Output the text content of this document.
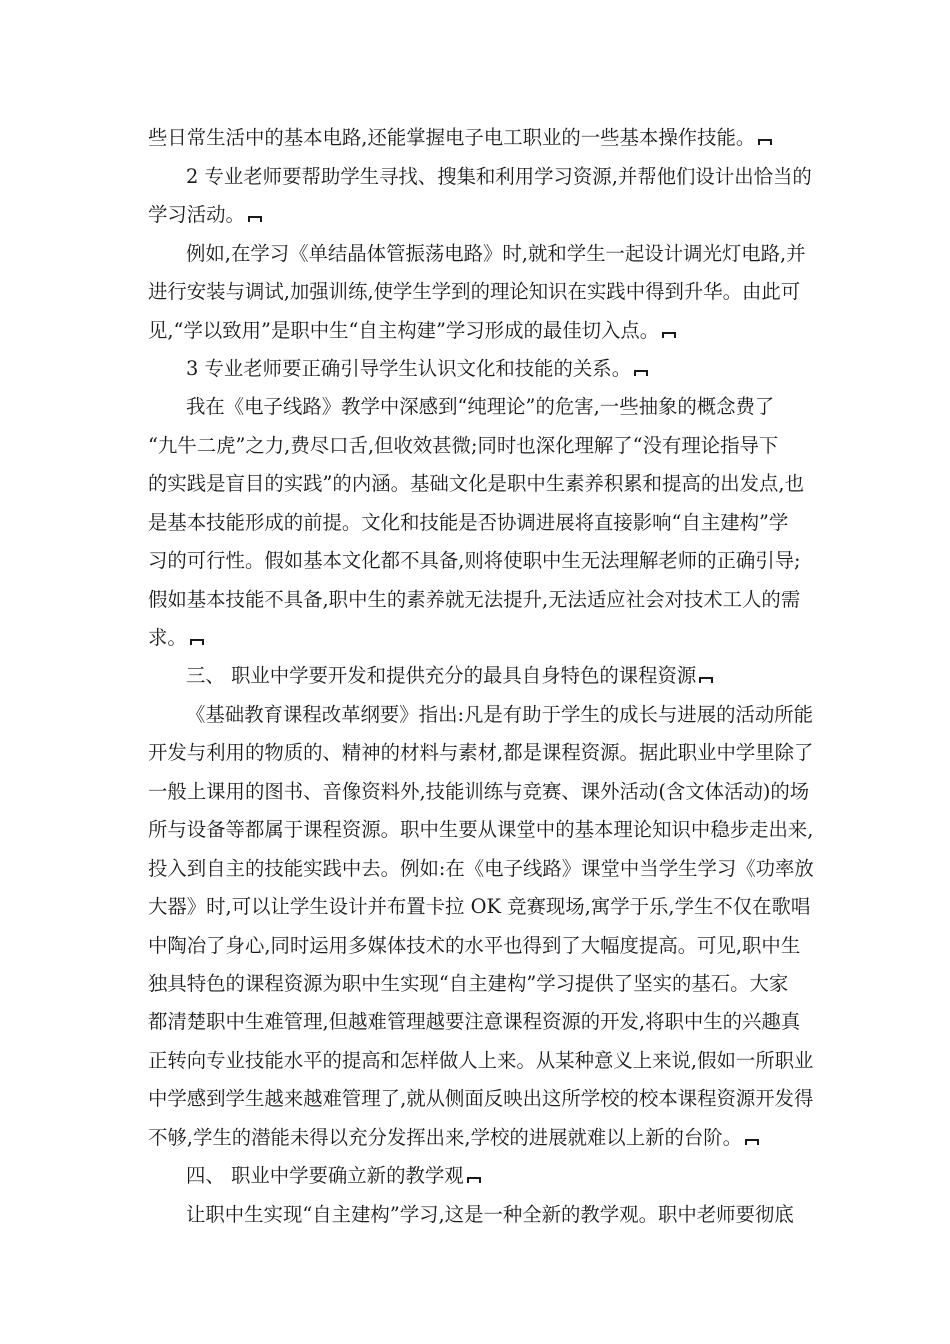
些日常生活中的基本电路,还能掌握电子电工职业的一些基本操作技能。
2 专业老师要帮助学生寻找、搜集和利用学习资源,并帮他们设计出恰当的
学习活动。
例如,在学习《单结晶体管振荡电路》时,就和学生一起设计调光灯电路,并
进行安装与调试,加强训练,使学生学到的理论知识在实践中得到升华。由此可
见,“学以致用”是职中生“自主构建”学习形成的最佳切入点。
3 专业老师要正确引导学生认识文化和技能的关系。
我在《电子线路》教学中深感到“纯理论”的危害,一些抽象的概念费了
“九牛二虎”之力,费尽口舌,但收效甚微;同时也深化理解了“没有理论指导下
的实践是盲目的实践”的内涵。基础文化是职中生素养积累和提高的出发点,也
是基本技能形成的前提。文化和技能是否协调进展将直接影响“自主建构”学
习的可行性。假如基本文化都不具备,则将使职中生无法理解老师的正确引导;
假如基本技能不具备,职中生的素养就无法提升,无法适应社会对技术工人的需
求。
三、 职业中学要开发和提供充分的最具自身特色的课程资源
《基础教育课程改革纲要》指出:凡是有助于学生的成长与进展的活动所能
开发与利用的物质的、精神的材料与素材,都是课程资源。据此职业中学里除了
一般上课用的图书、音像资料外,技能训练与竞赛、课外活动(含文体活动)的场
所与设备等都属于课程资源。职中生要从课堂中的基本理论知识中稳步走出来,
投入到自主的技能实践中去。例如:在《电子线路》课堂中当学生学习《功率放
大器》时,可以让学生设计并布置卡拉 OK 竞赛现场,寓学于乐,学生不仅在歌唱
中陶冶了身心,同时运用多媒体技术的水平也得到了大幅度提高。可见,职中生
独具特色的课程资源为职中生实现“自主建构”学习提供了坚实的基石。大家
都清楚职中生难管理,但越难管理越要注意课程资源的开发,将职中生的兴趣真
正转向专业技能水平的提高和怎样做人上来。从某种意义上来说,假如一所职业
中学感到学生越来越难管理了,就从侧面反映出这所学校的校本课程资源开发得
不够,学生的潜能未得以充分发挥出来,学校的进展就难以上新的台阶。
四、 职业中学要确立新的教学观
让职中生实现“自主建构”学习,这是一种全新的教学观。职中老师要彻底
